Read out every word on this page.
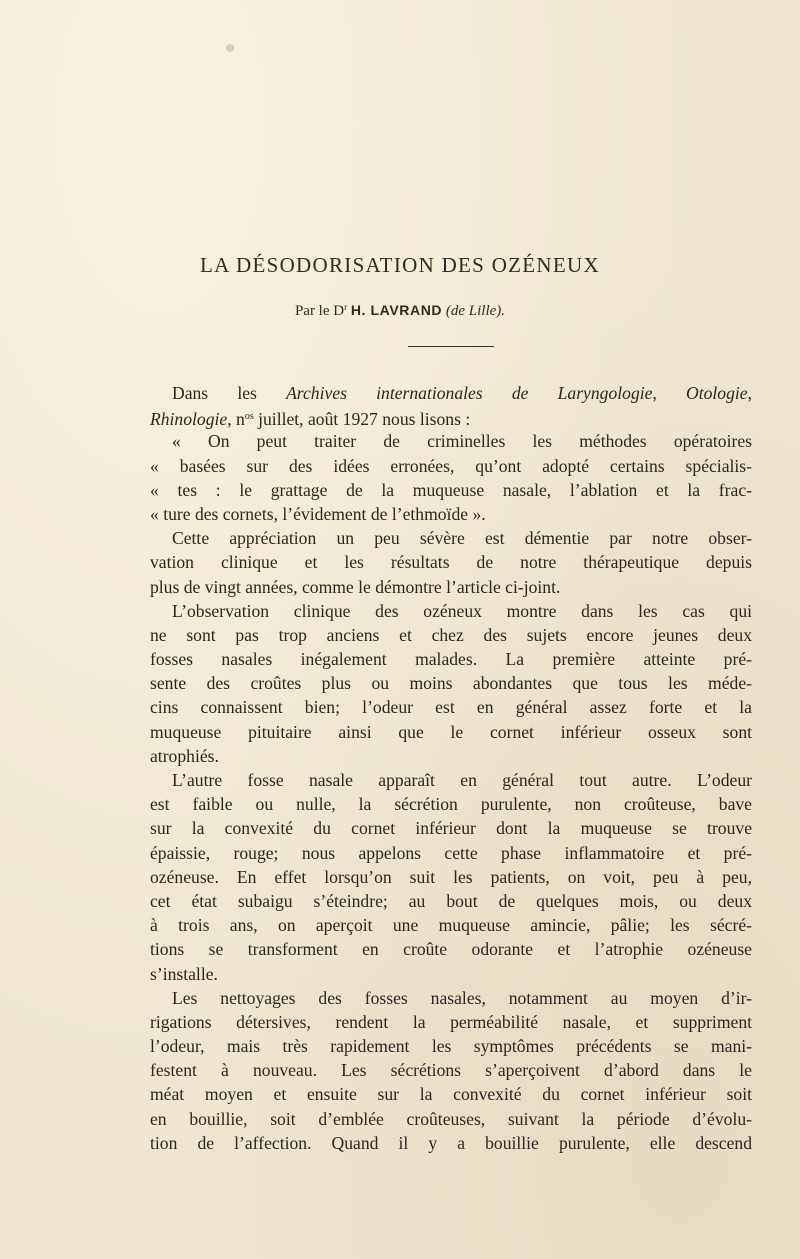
LA DÉSODORISATION DES OZÉNEUX
Par le $D^r$ H. LAVRAND (de Lille).
Dans les Archives internationales de Laryngologie, Otologie,
Rhinologie, $n^{os}$ juillet, août 1927 nous lisons :
« On peut traiter de criminelles les méthodes opératoires
« basées sur des idées erronées, qu’ont adopté certains spécialis-
« tes : le grattage de la muqueuse nasale, l’ablation et la frac-
« ture des cornets, l’évidement de l’ethmoïde ».
Cette appréciation un peu sévère est démentie par notre obser-
vation clinique et les résultats de notre thérapeutique depuis
plus de vingt années, comme le démontre l’article ci-joint.
L’observation clinique des ozéneux montre dans les cas qui
ne sont pas trop anciens et chez des sujets encore jeunes deux
fosses nasales inégalement malades. La première atteinte pré-
sente des croûtes plus ou moins abondantes que tous les méde-
cins connaissent bien; l’odeur est en général assez forte et la
muqueuse pituitaire ainsi que le cornet inférieur osseux sont
atrophiés.
L’autre fosse nasale apparaît en général tout autre. L’odeur
est faible ou nulle, la sécrétion purulente, non croûteuse, bave
sur la convexité du cornet inférieur dont la muqueuse se trouve
épaissie, rouge; nous appelons cette phase inflammatoire et pré-
ozéneuse. En effet lorsqu’on suit les patients, on voit, peu à peu,
cet état subaigu s’éteindre; au bout de quelques mois, ou deux
à trois ans, on aperçoit une muqueuse amincie, pâlie; les sécré-
tions se transforment en croûte odorante et l’atrophie ozéneuse
s’installe.
Les nettoyages des fosses nasales, notamment au moyen d’ir-
rigations détersives, rendent la perméabilité nasale, et suppriment
l’odeur, mais très rapidement les symptômes précédents se mani-
festent à nouveau. Les sécrétions s’aperçoivent d’abord dans le
méat moyen et ensuite sur la convexité du cornet inférieur soit
en bouillie, soit d’emblée croûteuses, suivant la période d’évolu-
tion de l’affection. Quand il y a bouillie purulente, elle descend
